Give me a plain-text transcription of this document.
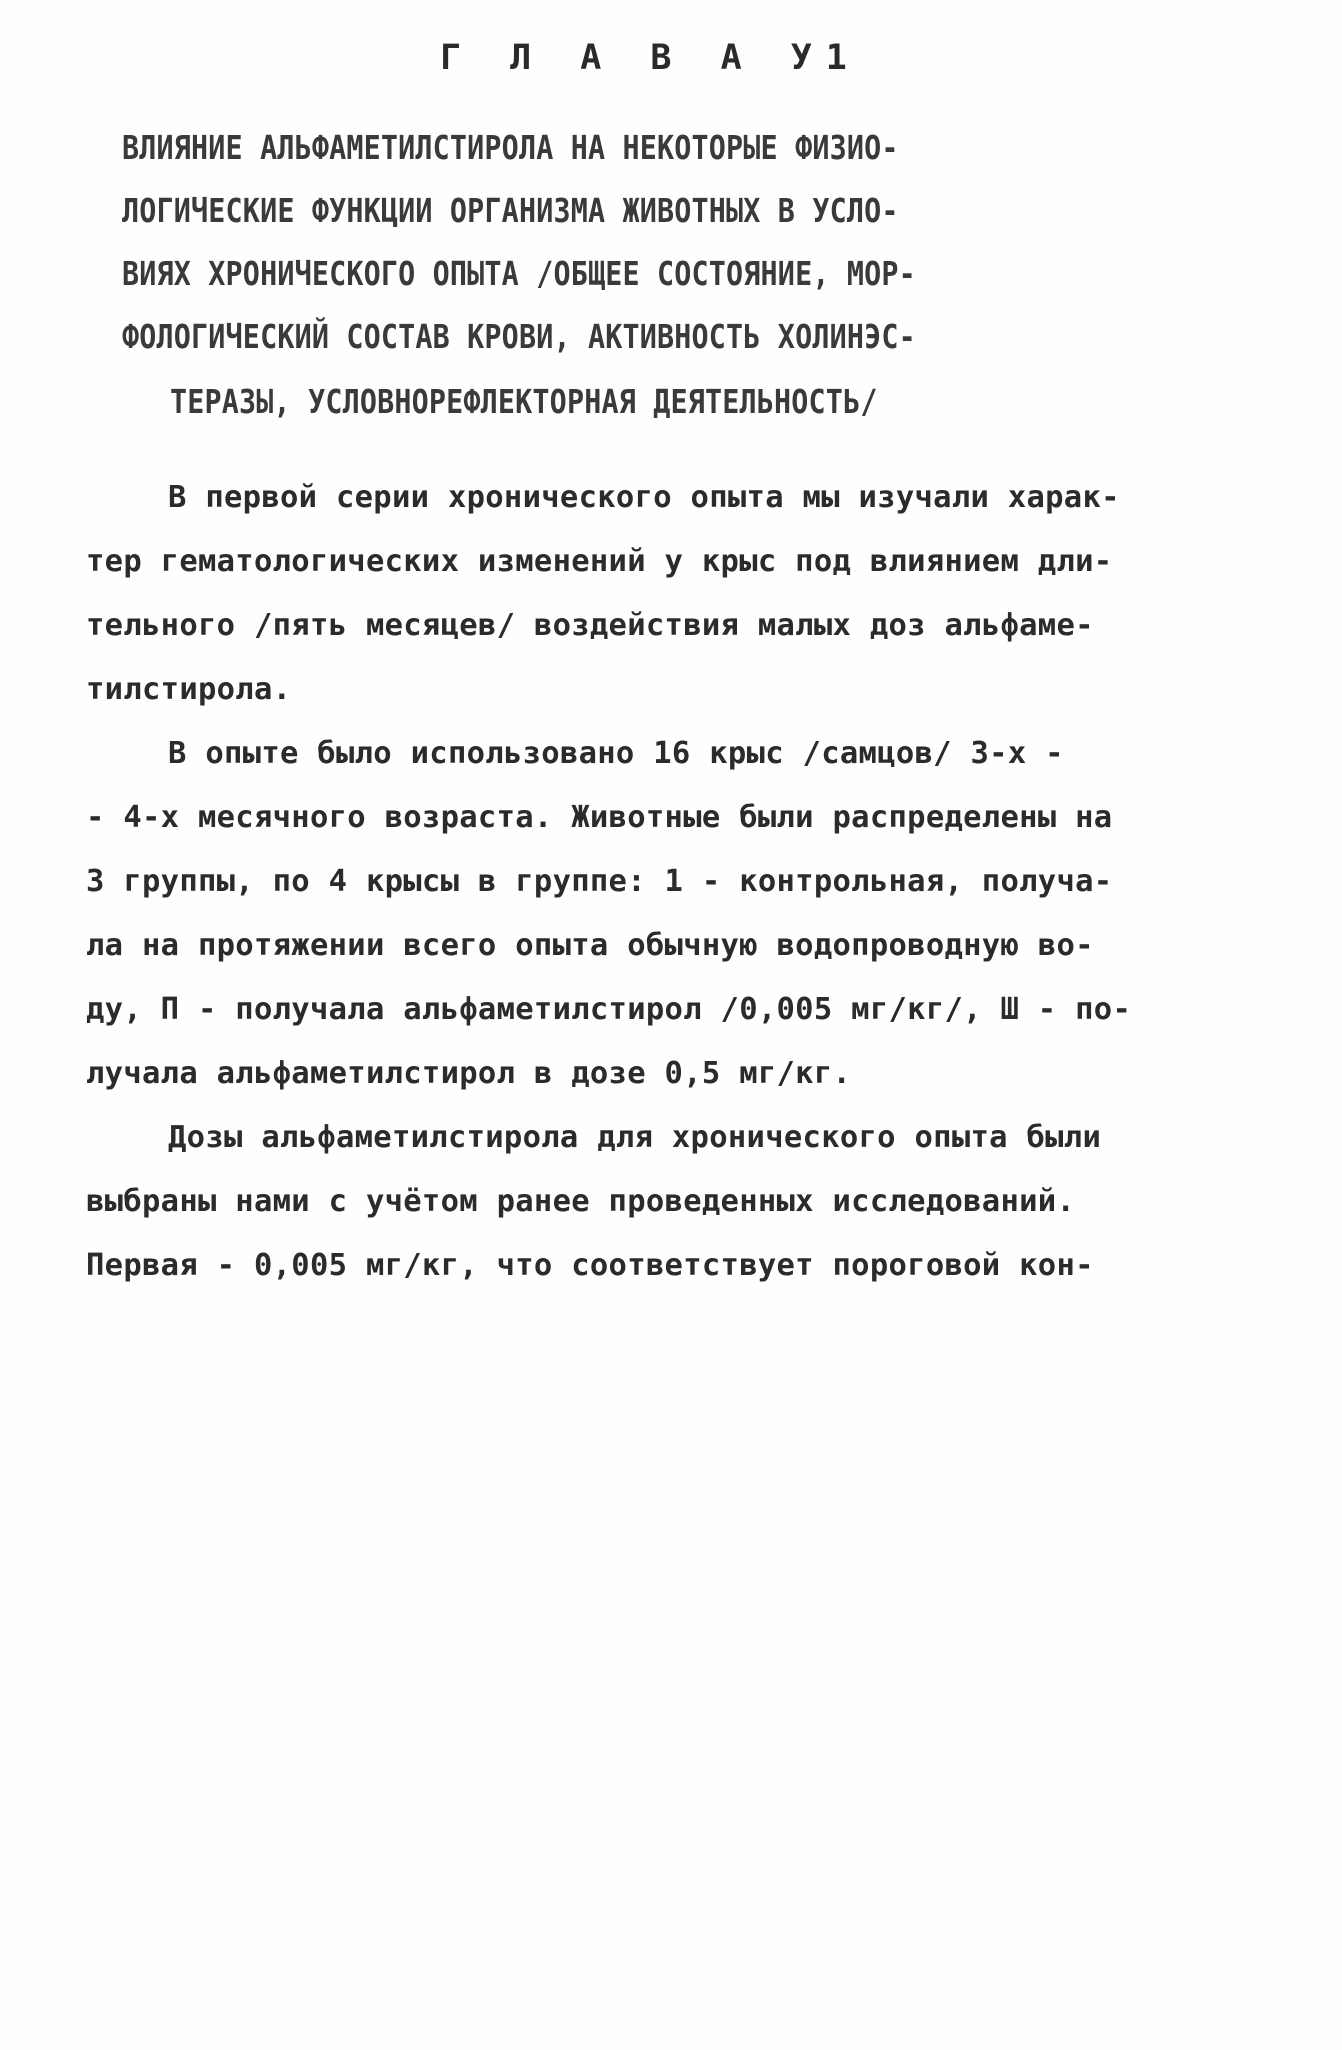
Г Л А В А У1
ВЛИЯНИЕ АЛЬФАМЕТИЛСТИРОЛА НА НЕКОТОРЫЕ ФИЗИО-
ЛОГИЧЕСКИЕ ФУНКЦИИ ОРГАНИЗМА ЖИВОТНЫХ В УСЛО-
ВИЯХ ХРОНИЧЕСКОГО ОПЫТА /ОБЩЕЕ СОСТОЯНИЕ, МОР-
ФОЛОГИЧЕСКИЙ СОСТАВ КРОВИ, АКТИВНОСТЬ ХОЛИНЭС-
ТЕРАЗЫ, УСЛОВНОРЕФЛЕКТОРНАЯ ДЕЯТЕЛЬНОСТЬ/
В первой серии хронического опыта мы изучали харак-
тер гематологических изменений у крыс под влиянием дли-
тельного /пять месяцев/ воздействия малых доз альфаме-
тилстирола.
В опыте было использовано 16 крыс /самцов/ 3-х -
- 4-х месячного возраста. Животные были распределены на
3 группы, по 4 крысы в группе: 1 - контрольная, получа-
ла на протяжении всего опыта обычную водопроводную во-
ду, П - получала альфаметилстирол /0,005 мг/кг/, Ш - по-
лучала альфаметилстирол в дозе 0,5 мг/кг.
Дозы альфаметилстирола для хронического опыта были
выбраны нами с учётом ранее проведенных исследований.
Первая - 0,005 мг/кг, что соответствует пороговой кон-
